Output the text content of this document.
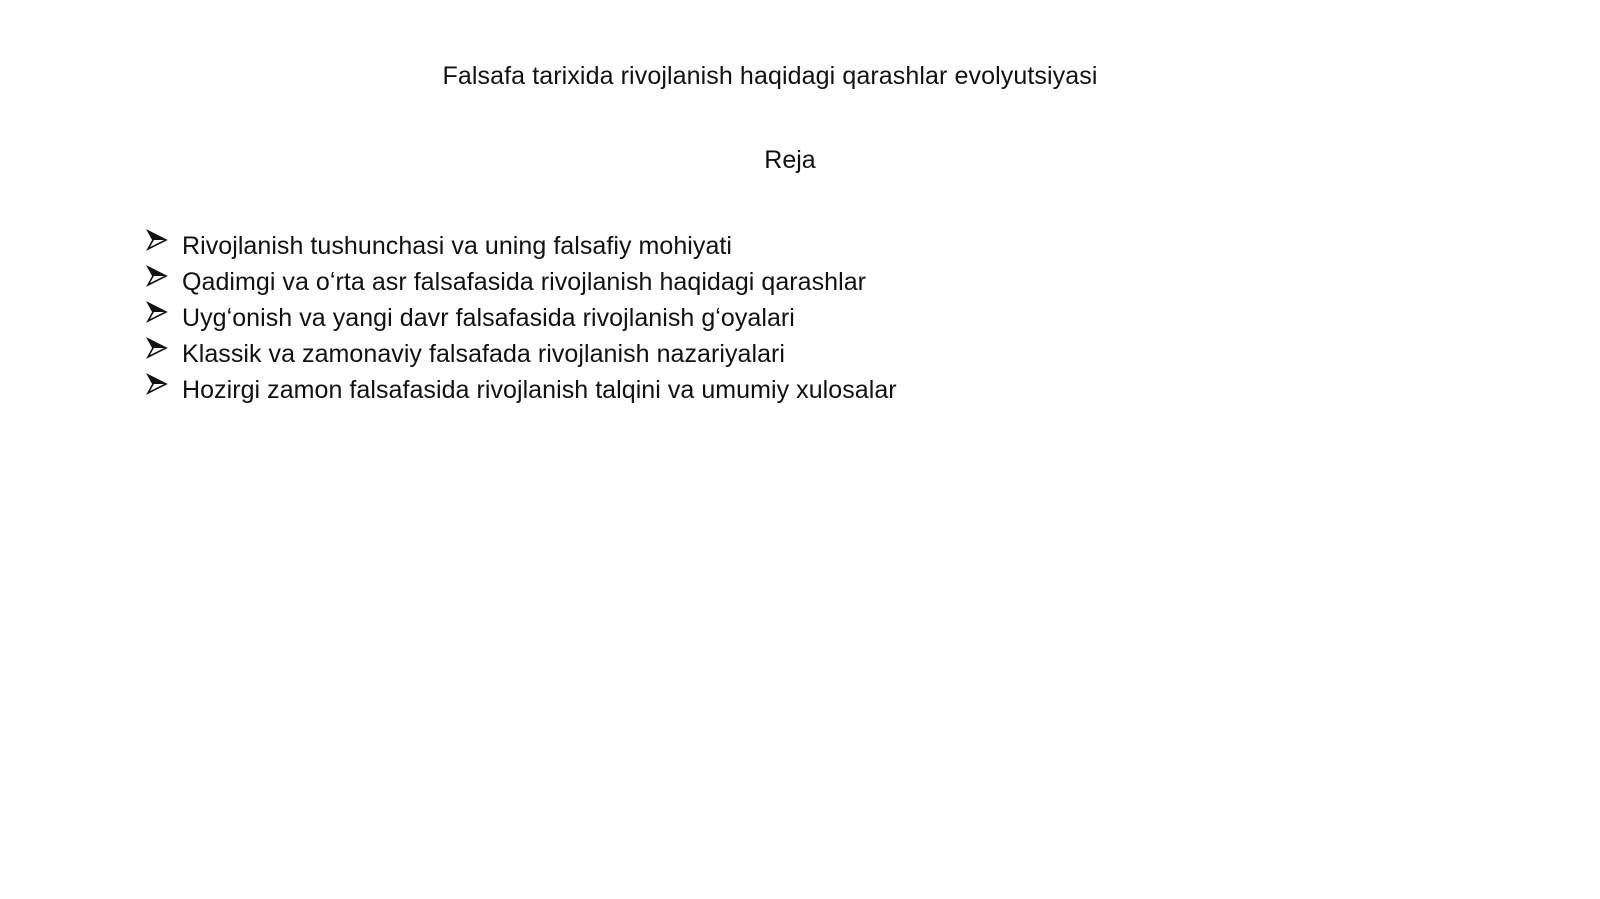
Falsafa tarixida rivojlanish haqidagi qarashlar evolyutsiyasi
Reja
Rivojlanish tushunchasi va uning falsafiy mohiyati
Qadimgi va oʻrta asr falsafasida rivojlanish haqidagi qarashlar
Uygʻonish va yangi davr falsafasida rivojlanish gʻoyalari
Klassik va zamonaviy falsafada rivojlanish nazariyalari
Hozirgi zamon falsafasida rivojlanish talqini va umumiy xulosalar
